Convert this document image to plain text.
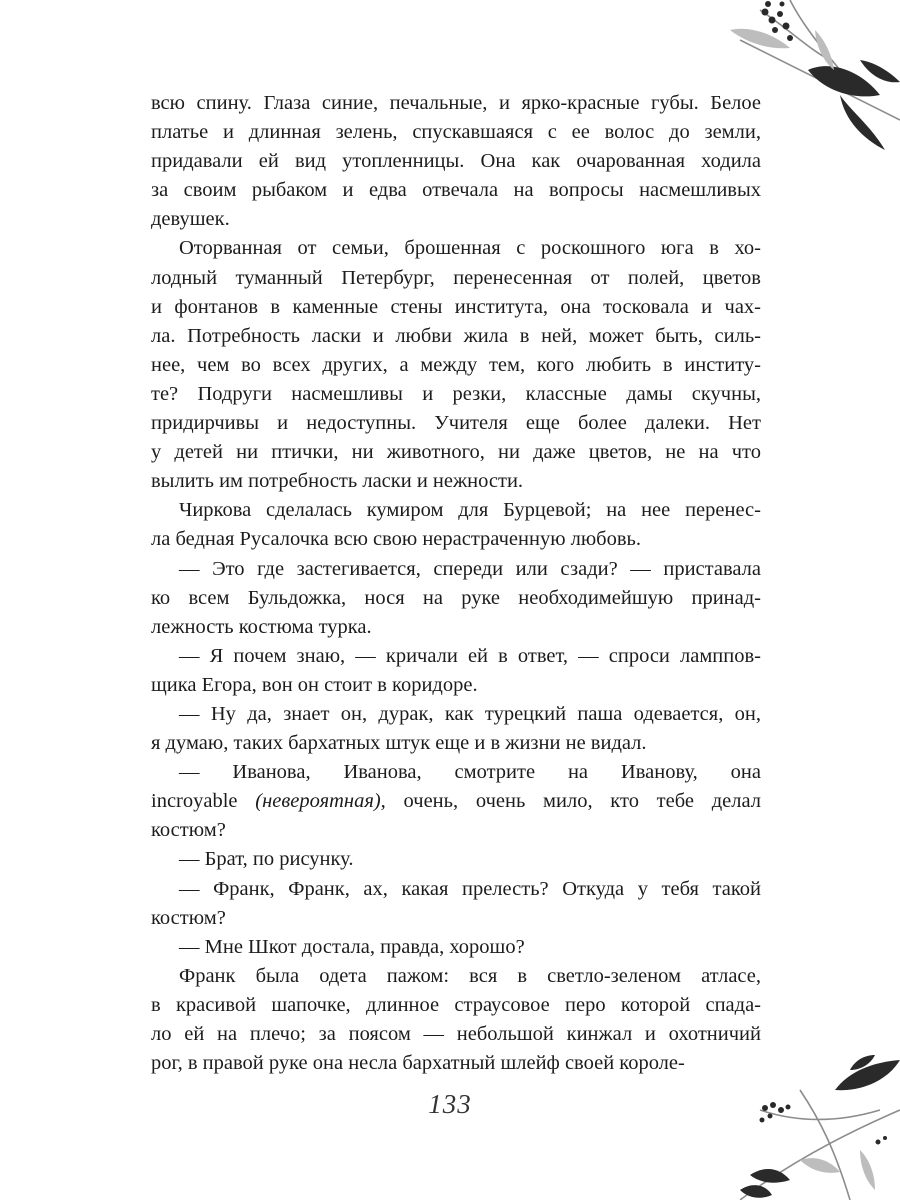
всю спину. Глаза синие, печальные, и ярко-красные губы. Белое
платье и длинная зелень, спускавшаяся с ее волос до земли,
придавали ей вид утопленницы. Она как очарованная ходила
за своим рыбаком и едва отвечала на вопросы насмешливых
девушек.
Оторванная от семьи, брошенная с роскошного юга в хо-
лодный туманный Петербург, перенесенная от полей, цветов
и фонтанов в каменные стены института, она тосковала и чах-
ла. Потребность ласки и любви жила в ней, может быть, силь-
нее, чем во всех других, а между тем, кого любить в институ-
те? Подруги насмешливы и резки, классные дамы скучны,
придирчивы и недоступны. Учителя еще более далеки. Нет
у детей ни птички, ни животного, ни даже цветов, не на что
вылить им потребность ласки и нежности.
Чиркова сделалась кумиром для Бурцевой; на нее перенес-
ла бедная Русалочка всю свою нерастраченную любовь.
— Это где застегивается, спереди или сзади? — приставала
ко всем Бульдожка, нося на руке необходимейшую принад-
лежность костюма турка.
— Я почем знаю, — кричали ей в ответ, — спроси ламппов-
щика Егора, вон он стоит в коридоре.
— Ну да, знает он, дурак, как турецкий паша одевается, он,
я думаю, таких бархатных штук еще и в жизни не видал.
— Иванова, Иванова, смотрите на Иванову, она
incroyable (невероятная), очень, очень мило, кто тебе делал
костюм?
— Брат, по рисунку.
— Франк, Франк, ах, какая прелесть? Откуда у тебя такой
костюм?
— Мне Шкот достала, правда, хорошо?
Франк была одета пажом: вся в светло-зеленом атласе,
в красивой шапочке, длинное страусовое перо которой спада-
ло ей на плечо; за поясом — небольшой кинжал и охотничий
рог, в правой руке она несла бархатный шлейф своей короле-
133
